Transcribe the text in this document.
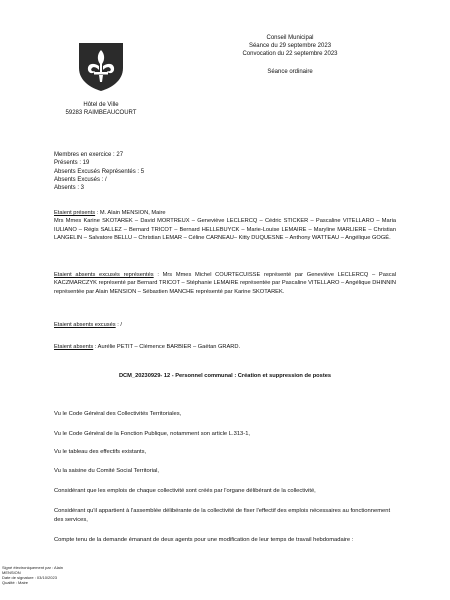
Hôtel de Ville
59283 RAIMBEAUCOURT
Conseil Municipal
Séance du 29 septembre 2023
Convocation du 22 septembre 2023
Séance ordinaire
Membres en exercice : 27
Présents : 19
Absents Excusés Représentés : 5
Absents Excusés : /
Absents : 3
Etaient présents : M. Alain MENSION, Maire
Mrs Mmes Karine SKOTAREK – David MORTREUX – Geneviève LECLERCQ – Cédric STICKER – Pascaline VITELLARO – Maria IULIANO – Régis SALLEZ – Bernard TRICOT – Bernard HELLEBUYCK – Marie-Louise LEMAIRE – Maryline MARLIERE – Christian LANGELIN – Salvatore BELLU – Christian LEMAR – Céline CARNEAU– Kitty DUQUESNE – Anthony WATTEAU – Angélique GOGÉ.
Etaient absents excusés représentés : Mrs Mmes Michel COURTECUISSE représenté par Geneviève LECLERCQ – Pascal KACZMARCZYK représenté par Bernard TRICOT – Stéphanie LEMAIRE représentée par Pascaline VITELLARO – Angélique DHINNIN représentée par Alain MENSION – Sébastien MANCHE représenté par Karine SKOTAREK.
Etaient absents excusés : /
Etaient absents : Aurélie PETIT – Clémence BARBIER – Gaëtan GRARD.
DCM_20230929- 12 - Personnel communal : Création et suppression de postes
Vu le Code Général des Collectivités Territoriales,
Vu le Code Général de la Fonction Publique, notamment son article L.313-1,
Vu le tableau des effectifs existants,
Vu la saisine du Comité Social Territorial,
Considérant que les emplois de chaque collectivité sont créés par l'organe délibérant de la collectivité,
Considérant qu'il appartient à l'assemblée délibérante de la collectivité de fixer l'effectif des emplois nécessaires au fonctionnement des services,
Compte tenu de la demande émanant de deux agents pour une modification de leur temps de travail hebdomadaire :
Signé électroniquement par : Alain
MENSION
Date de signature : 03/10/2023
Qualité : Maire
